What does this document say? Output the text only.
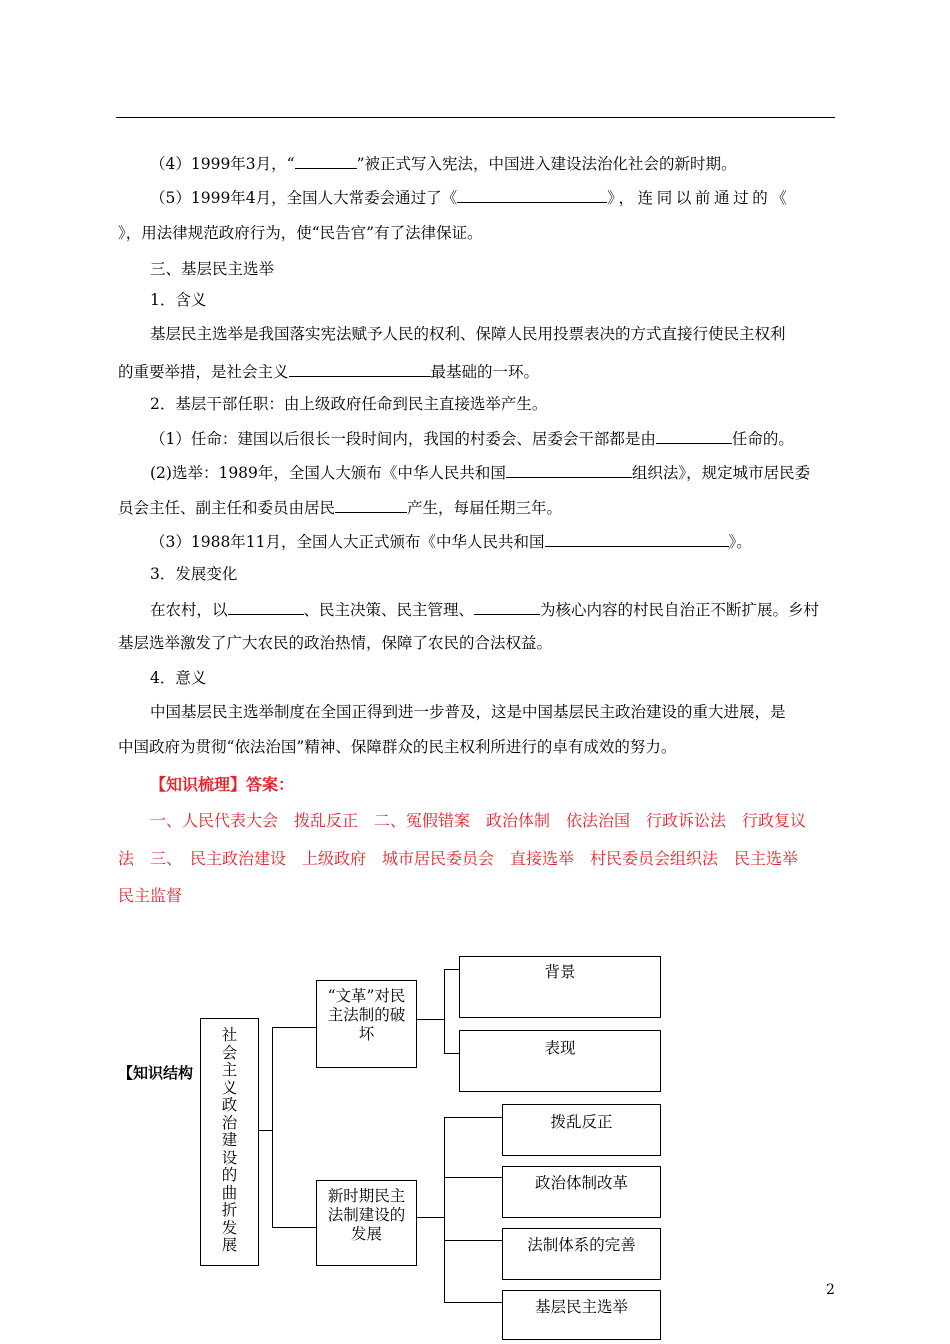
（4）1999年3月，“	”被正式写入宪法，中国进入建设法治化社会的新时期。
（5）1999年4月，全国人大常委会通过了《	》，连同以前通过的《
》，用法律规范政府行为，使“民告官”有了法律保证。
三、基层民主选举
1．含义
基层民主选举是我国落实宪法赋予人民的权利、保障人民用投票表决的方式直接行使民主权利
的重要举措，是社会主义	最基础的一环。
2．基层干部任职：由上级政府任命到民主直接选举产生。
（1）任命：建国以后很长一段时间内，我国的村委会、居委会干部都是由	任命的。
(2)选举：1989年，全国人大颁布《中华人民共和国	组织法》，规定城市居民委
员会主任、副主任和委员由居民	产生，每届任期三年。
（3）1988年11月，全国人大正式颁布《中华人民共和国	》。
3．发展变化
在农村，以	、民主决策、民主管理、	为核心内容的村民自治正不断扩展。乡村
基层选举激发了广大农民的政治热情，保障了农民的合法权益。
4．意义
中国基层民主选举制度在全国正得到进一步普及，这是中国基层民主政治建设的重大进展，是
中国政府为贯彻“依法治国”精神、保障群众的民主权利所进行的卓有成效的努力。
【知识梳理】答案：
一、人民代表大会　拨乱反正　二、冤假错案　政治体制　依法治国　行政诉讼法　行政复议
法　三、　民主政治建设　上级政府　城市居民委员会　直接选举　村民委员会组织法　民主选举
民主监督
【知识结构
社会主义政治建设的曲折发展
“文革”对民主法制的破坏
新时期民主法制建设的发展
背景
表现
拨乱反正
政治体制改革
法制体系的完善
基层民主选举
2
